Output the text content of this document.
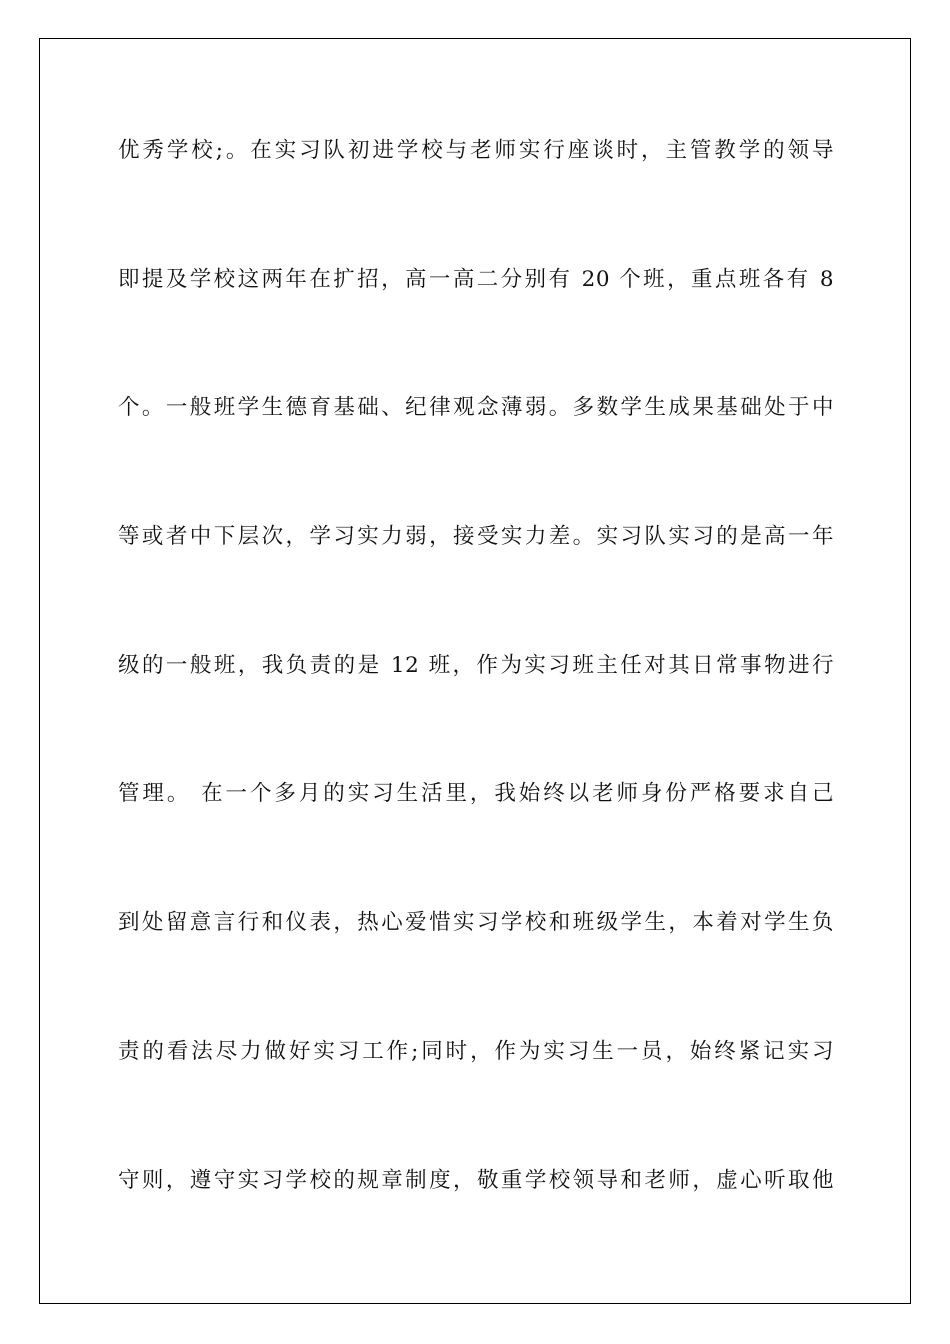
优秀学校;。在实习队初进学校与老师实行座谈时，主管教学的领导
即提及学校这两年在扩招，高一高二分别有 20 个班，重点班各有 8
个。一般班学生德育基础、纪律观念薄弱。多数学生成果基础处于中
等或者中下层次，学习实力弱，接受实力差。实习队实习的是高一年
级的一般班，我负责的是 12 班，作为实习班主任对其日常事物进行
管理。 在一个多月的实习生活里，我始终以老师身份严格要求自己
到处留意言行和仪表，热心爱惜实习学校和班级学生，本着对学生负
责的看法尽力做好实习工作;同时，作为实习生一员，始终紧记实习
守则，遵守实习学校的规章制度，敬重学校领导和老师，虚心听取他
